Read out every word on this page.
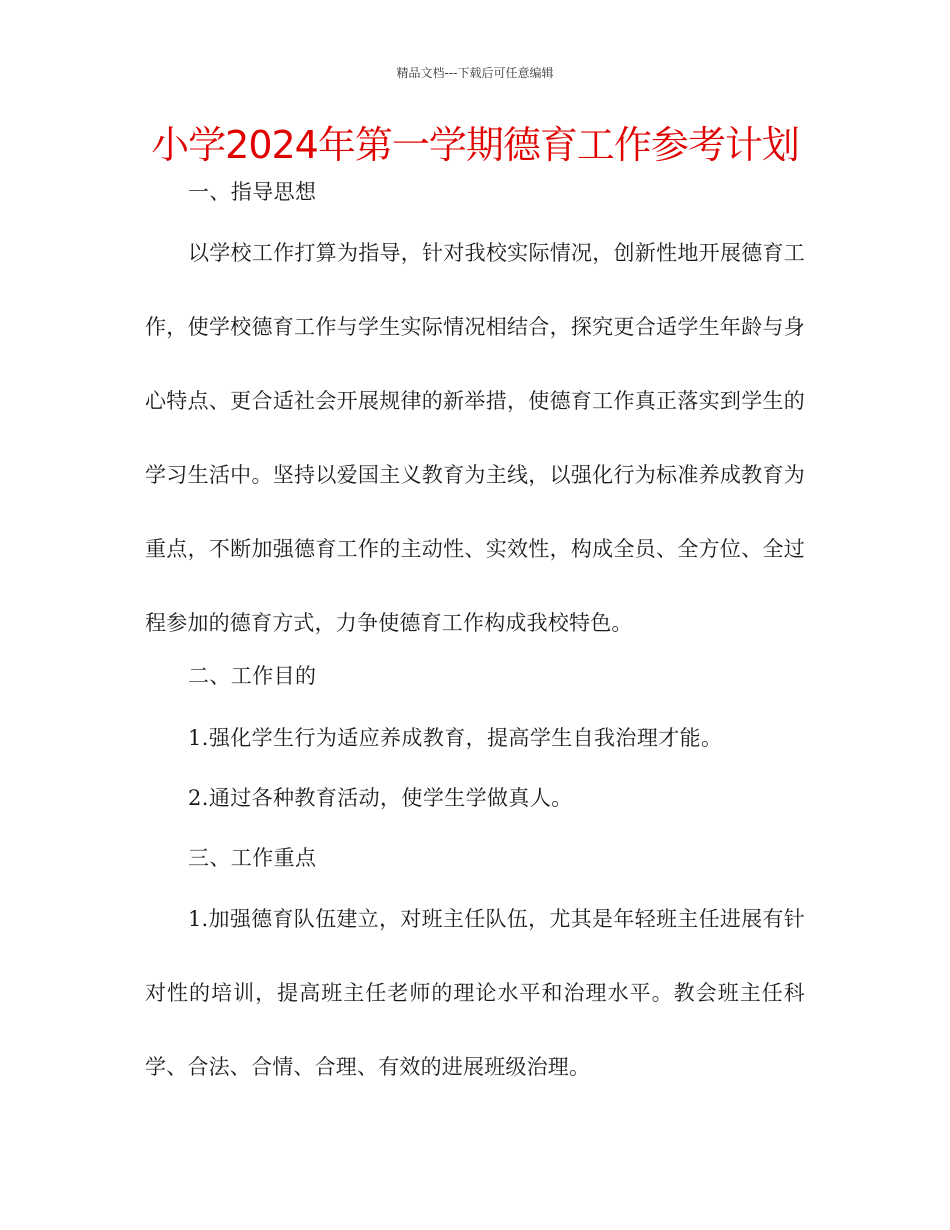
精品文档---下载后可任意编辑
小学2024年第一学期德育工作参考计划
一、指导思想

以学校工作打算为指导，针对我校实际情况，创新性地开展德育工作，使学校德育工作与学生实际情况相结合，探究更合适学生年龄与身心特点、更合适社会开展规律的新举措，使德育工作真正落实到学生的学习生活中。坚持以爱国主义教育为主线，以强化行为标准养成教育为重点，不断加强德育工作的主动性、实效性，构成全员、全方位、全过程参加的德育方式，力争使德育工作构成我校特色。

二、工作目的
1.强化学生行为适应养成教育，提高学生自我治理才能。
2.通过各种教育活动，使学生学做真人。
三、工作重点

1.加强德育队伍建立，对班主任队伍，尤其是年轻班主任进展有针对性的培训，提高班主任老师的理论水平和治理水平。教会班主任科学、合法、合情、合理、有效的进展班级治理。
